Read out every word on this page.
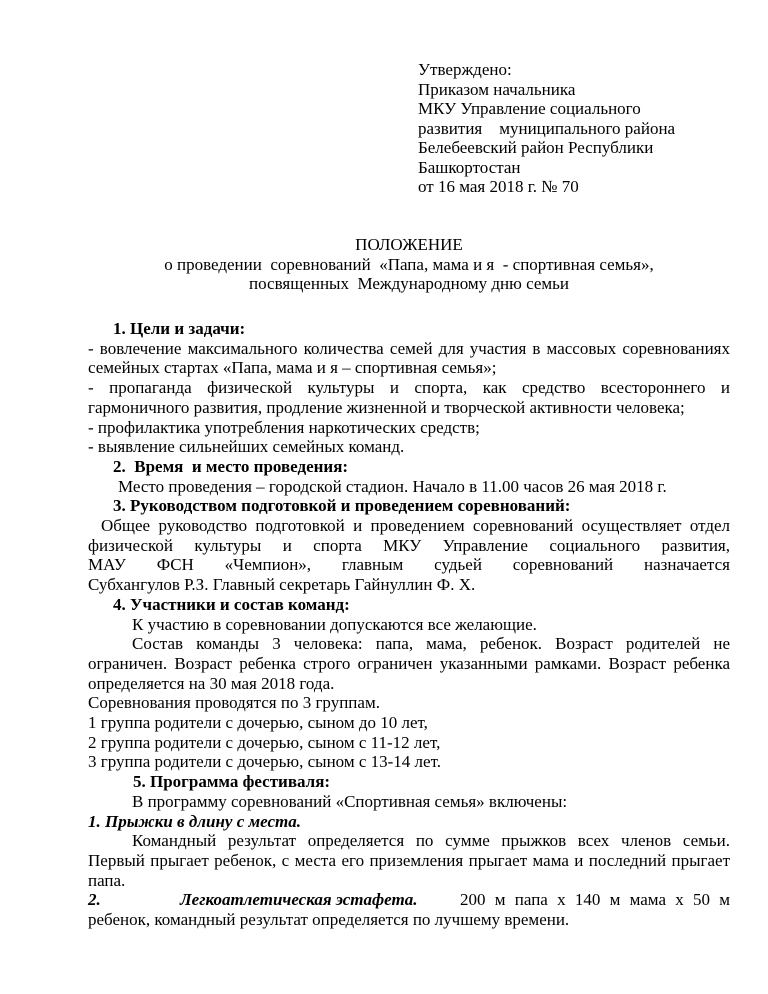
Утверждено:
Приказом начальника
МКУ Управление социального
развития    муниципального района
Белебеевский район Республики
Башкортостан
от 16 мая 2018 г. № 70
ПОЛОЖЕНИЕ
о проведении  соревнований  «Папа, мама и я  - спортивная семья»,
посвященных  Международному дню семьи

1. Цели и задачи:

- вовлечение максимального количества семей для участия в массовых соревнованиях семейных стартах «Папа, мама и я – спортивная семья»;

- пропаганда физической культуры и спорта, как средство всестороннего и гармоничного развития, продление жизненной и творческой активности человека;

- профилактика употребления наркотических средств;

- выявление сильнейших семейных команд.

2.  Время  и место проведения:

Место проведения – городской стадион. Начало в 11.00 часов 26 мая 2018 г.

3. Руководством подготовкой и проведением соревнований:

Общее руководство подготовкой и проведением соревнований осуществляет отдел физической культуры и спорта МКУ Управление социального развития,

МАУ ФСН «Чемпион», главным судьей соревнований назначается

Субхангулов Р.З. Главный секретарь Гайнуллин Ф. Х.

4. Участники и состав команд:

К участию в соревновании допускаются все желающие.

Состав команды 3 человека: папа, мама, ребенок. Возраст родителей не ограничен. Возраст ребенка строго ограничен указанными рамками. Возраст ребенка определяется на 30 мая 2018 года.

Соревнования проводятся по 3 группам.

1 группа родители с дочерью, сыном до 10 лет,

2 группа родители с дочерью, сыном с 11-12 лет,

3 группа родители с дочерью, сыном с 13-14 лет.

5. Программа фестиваля:

В программу соревнований «Спортивная семья» включены:

1. Прыжки в длину с места.

Командный результат определяется по сумме прыжков всех членов семьи. Первый прыгает ребенок, с места его приземления прыгает мама и последний прыгает папа.

2.	Легкоатлетическая эстафета.	200 м папа х 140 м мама х 50 м

ребенок, командный результат определяется по лучшему времени.
